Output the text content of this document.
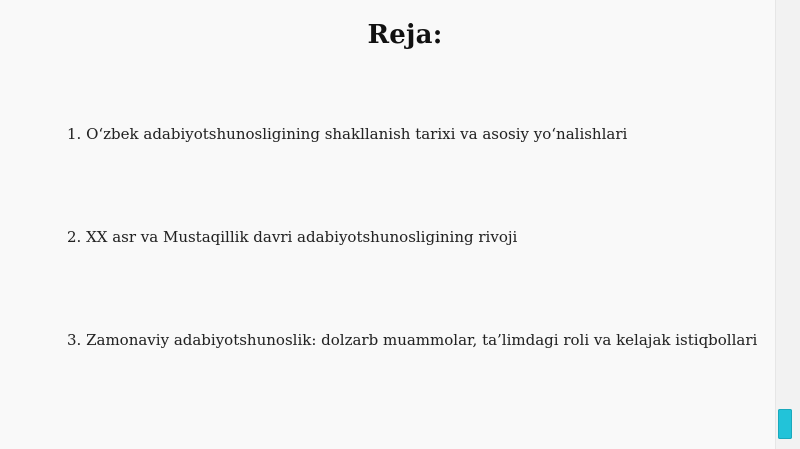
Reja:
1. O‘zbek adabiyotshunosligining shakllanish tarixi va asosiy yo‘nalishlari
2. XX asr va Mustaqillik davri adabiyotshunosligining rivoji
3. Zamonaviy adabiyotshunoslik: dolzarb muammolar, ta’limdagi roli va kelajak istiqbollari
